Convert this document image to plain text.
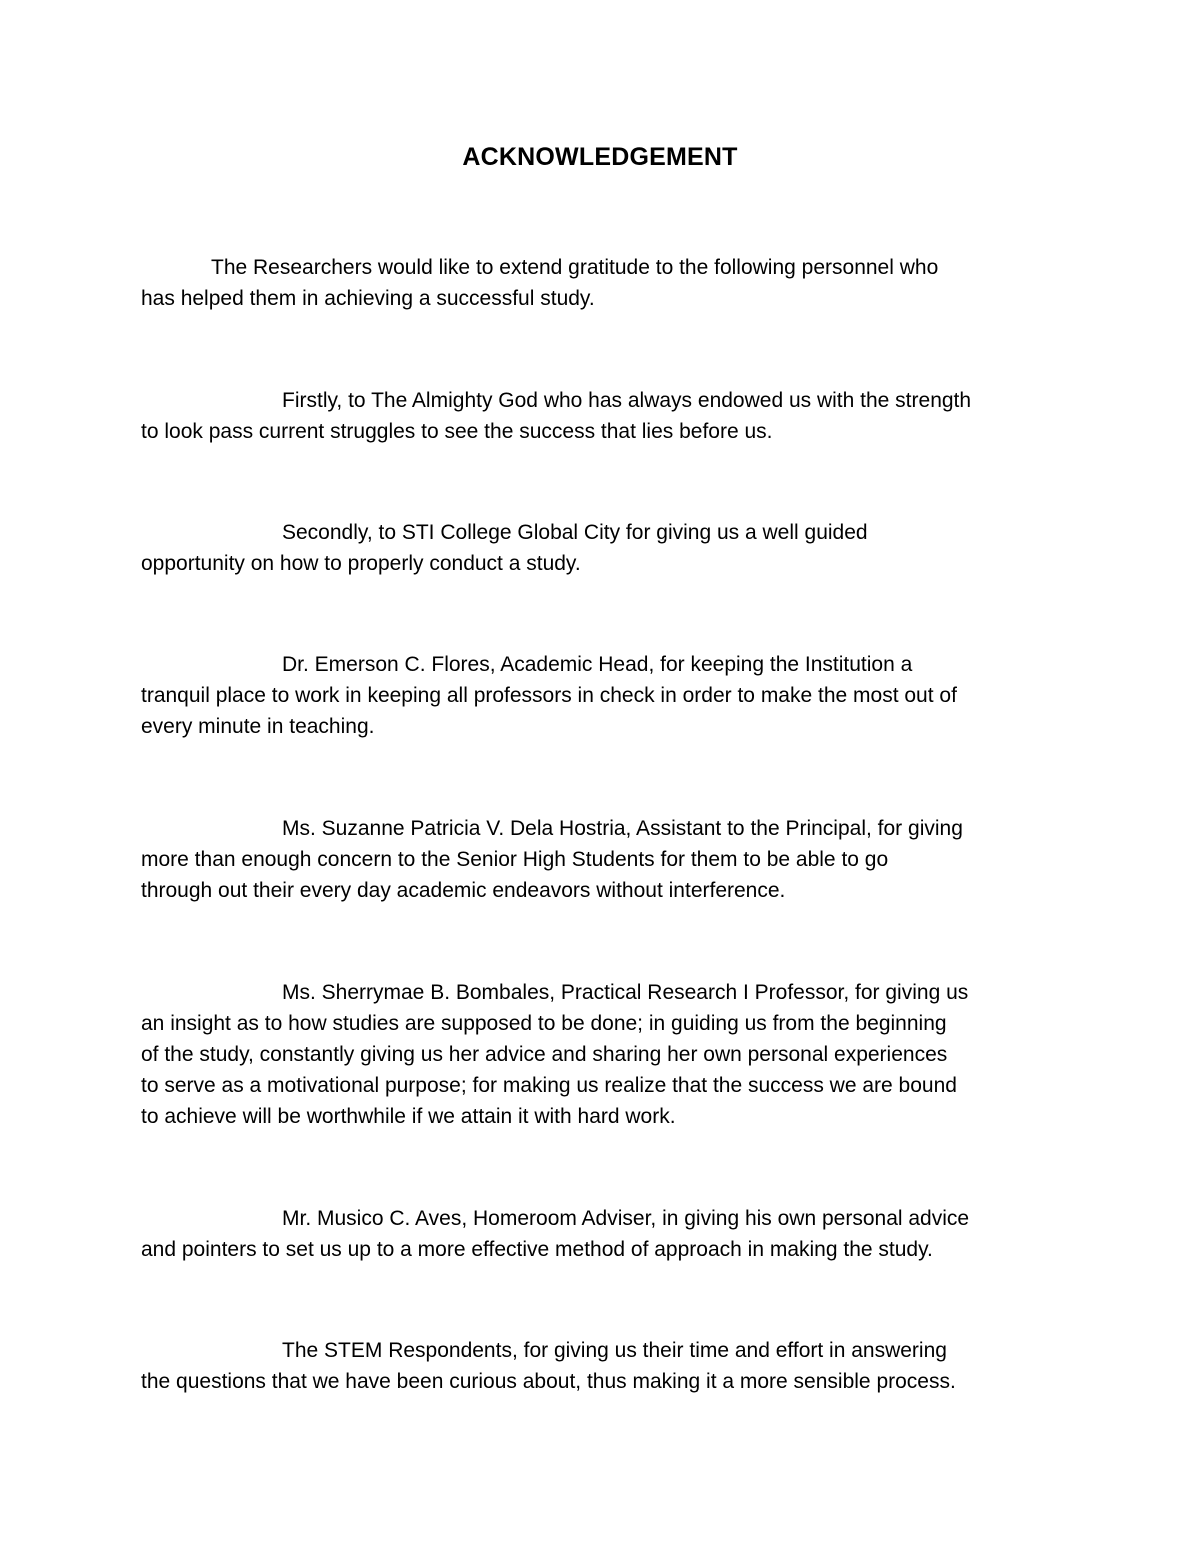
ACKNOWLEDGEMENT
The Researchers would like to extend gratitude to the following personnel who
has helped them in achieving a successful study.
Firstly, to The Almighty God who has always endowed us with the strength
to look pass current struggles to see the success that lies before us.
Secondly, to STI College Global City for giving us a well guided
opportunity on how to properly conduct a study.
Dr. Emerson C. Flores, Academic Head, for keeping the Institution a
tranquil place to work in keeping all professors in check in order to make the most out of
every minute in teaching.
Ms. Suzanne Patricia V. Dela Hostria, Assistant to the Principal, for giving
more than enough concern to the Senior High Students for them to be able to go
through out their every day academic endeavors without interference.
Ms. Sherrymae B. Bombales, Practical Research I Professor, for giving us
an insight as to how studies are supposed to be done; in guiding us from the beginning
of the study, constantly giving us her advice and sharing her own personal experiences
to serve as a motivational purpose; for making us realize that the success we are bound
to achieve will be worthwhile if we attain it with hard work.
Mr. Musico C. Aves, Homeroom Adviser, in giving his own personal advice
and pointers to set us up to a more effective method of approach in making the study.
The STEM Respondents, for giving us their time and effort in answering
the questions that we have been curious about, thus making it a more sensible process.
